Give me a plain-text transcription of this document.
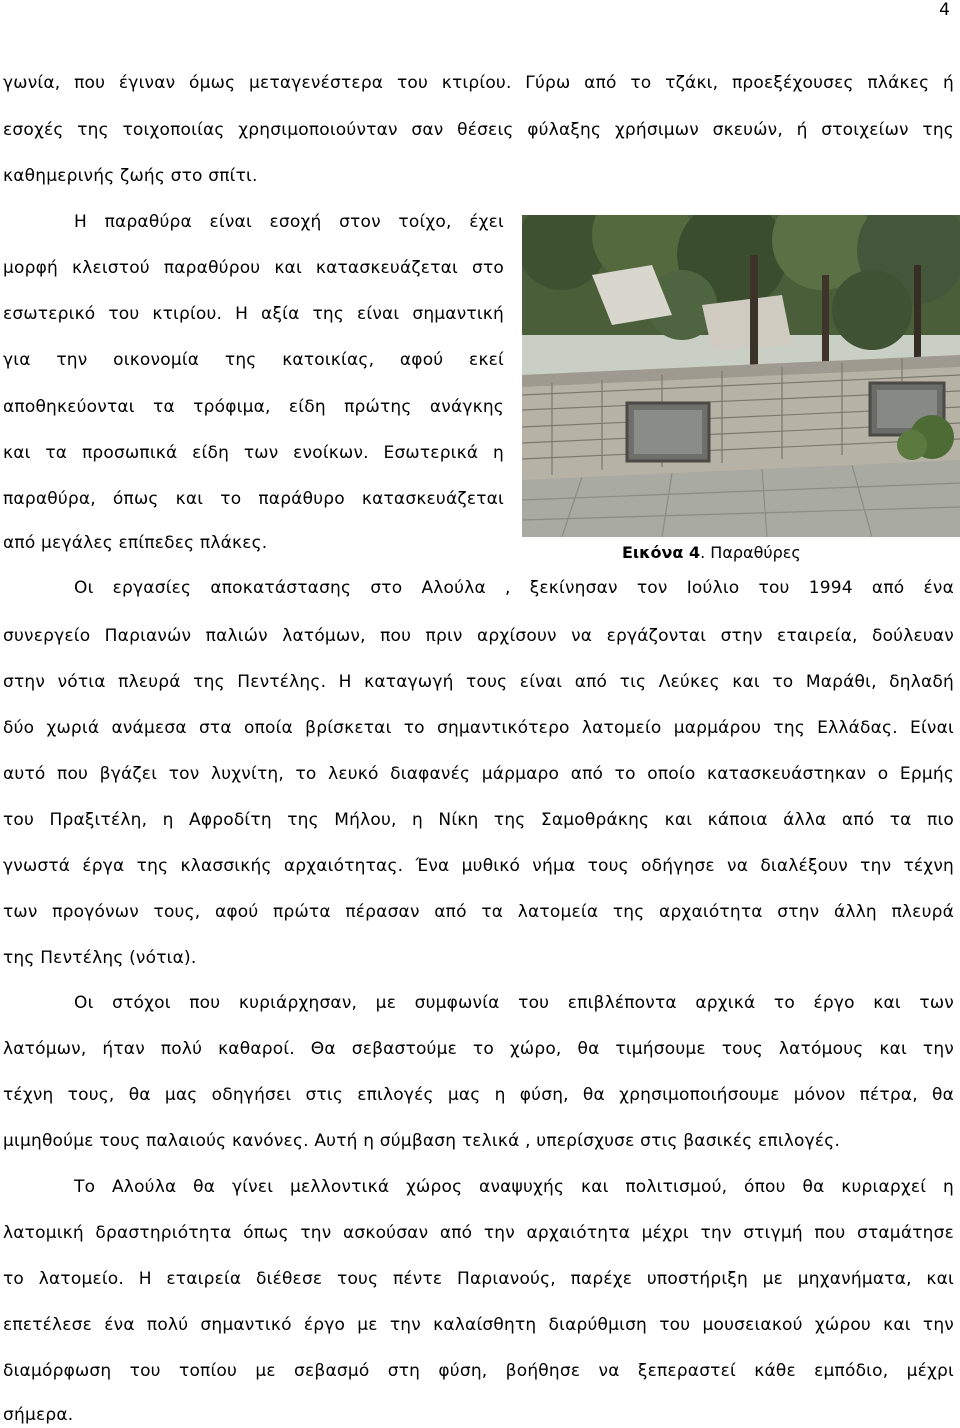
4
γωνία, που έγιναν όμως μεταγενέστερα του κτιρίου. Γύρω από το τζάκι, προεξέχουσες πλάκες ή
εσοχές της τοιχοποιίας χρησιμοποιούνταν σαν θέσεις φύλαξης χρήσιμων σκευών, ή στοιχείων της
καθημερινής ζωής στο σπίτι.
Η παραθύρα είναι εσοχή στον τοίχο, έχει
μορφή κλειστού παραθύρου και κατασκευάζεται στο
εσωτερικό του κτιρίου. Η αξία της είναι σημαντική
για την οικονομία της κατοικίας, αφού εκεί
αποθηκεύονται τα τρόφιμα, είδη πρώτης ανάγκης
και τα προσωπικά είδη των ενοίκων. Εσωτερικά η
παραθύρα, όπως και το παράθυρο κατασκευάζεται
από μεγάλες επίπεδες πλάκες.	Εικόνα 4. Παραθύρες
Οι εργασίες αποκατάστασης στο Αλούλα , ξεκίνησαν τον Ιούλιο του 1994 από ένα
συνεργείο Παριανών παλιών λατόμων, που πριν αρχίσουν να εργάζονται στην εταιρεία, δούλευαν
στην νότια πλευρά της Πεντέλης. Η καταγωγή τους είναι από τις Λεύκες και το Μαράθι, δηλαδή
δύο χωριά ανάμεσα στα οποία βρίσκεται το σημαντικότερο λατομείο μαρμάρου της Ελλάδας. Είναι
αυτό που βγάζει τον λυχνίτη, το λευκό διαφανές μάρμαρο από το οποίο κατασκευάστηκαν ο Ερμής
του Πραξιτέλη, η Αφροδίτη της Μήλου, η Νίκη της Σαμοθράκης και κάποια άλλα από τα πιο
γνωστά έργα της κλασσικής αρχαιότητας. Ένα μυθικό νήμα τους οδήγησε να διαλέξουν την τέχνη
των προγόνων τους, αφού πρώτα πέρασαν από τα λατομεία της αρχαιότητα στην άλλη πλευρά
της Πεντέλης (νότια).
Οι στόχοι που κυριάρχησαν, με συμφωνία του επιβλέποντα αρχικά το έργο και των
λατόμων, ήταν πολύ καθαροί. Θα σεβαστούμε το χώρο, θα τιμήσουμε τους λατόμους και την
τέχνη τους, θα μας οδηγήσει στις επιλογές μας η φύση, θα χρησιμοποιήσουμε μόνον πέτρα, θα
μιμηθούμε τους παλαιούς κανόνες. Αυτή η σύμβαση τελικά , υπερίσχυσε στις βασικές επιλογές.
Το Αλούλα θα γίνει μελλοντικά χώρος αναψυχής και πολιτισμού, όπου θα κυριαρχεί η
λατομική δραστηριότητα όπως την ασκούσαν από την αρχαιότητα μέχρι την στιγμή που σταμάτησε
το λατομείο. Η εταιρεία διέθεσε τους πέντε Παριανούς, παρέχε υποστήριξη με μηχανήματα, και
επετέλεσε ένα πολύ σημαντικό έργο με την καλαίσθητη διαρύθμιση του μουσειακού χώρου και την
διαμόρφωση του τοπίου με σεβασμό στη φύση, βοήθησε να ξεπεραστεί κάθε εμπόδιο, μέχρι
σήμερα.
